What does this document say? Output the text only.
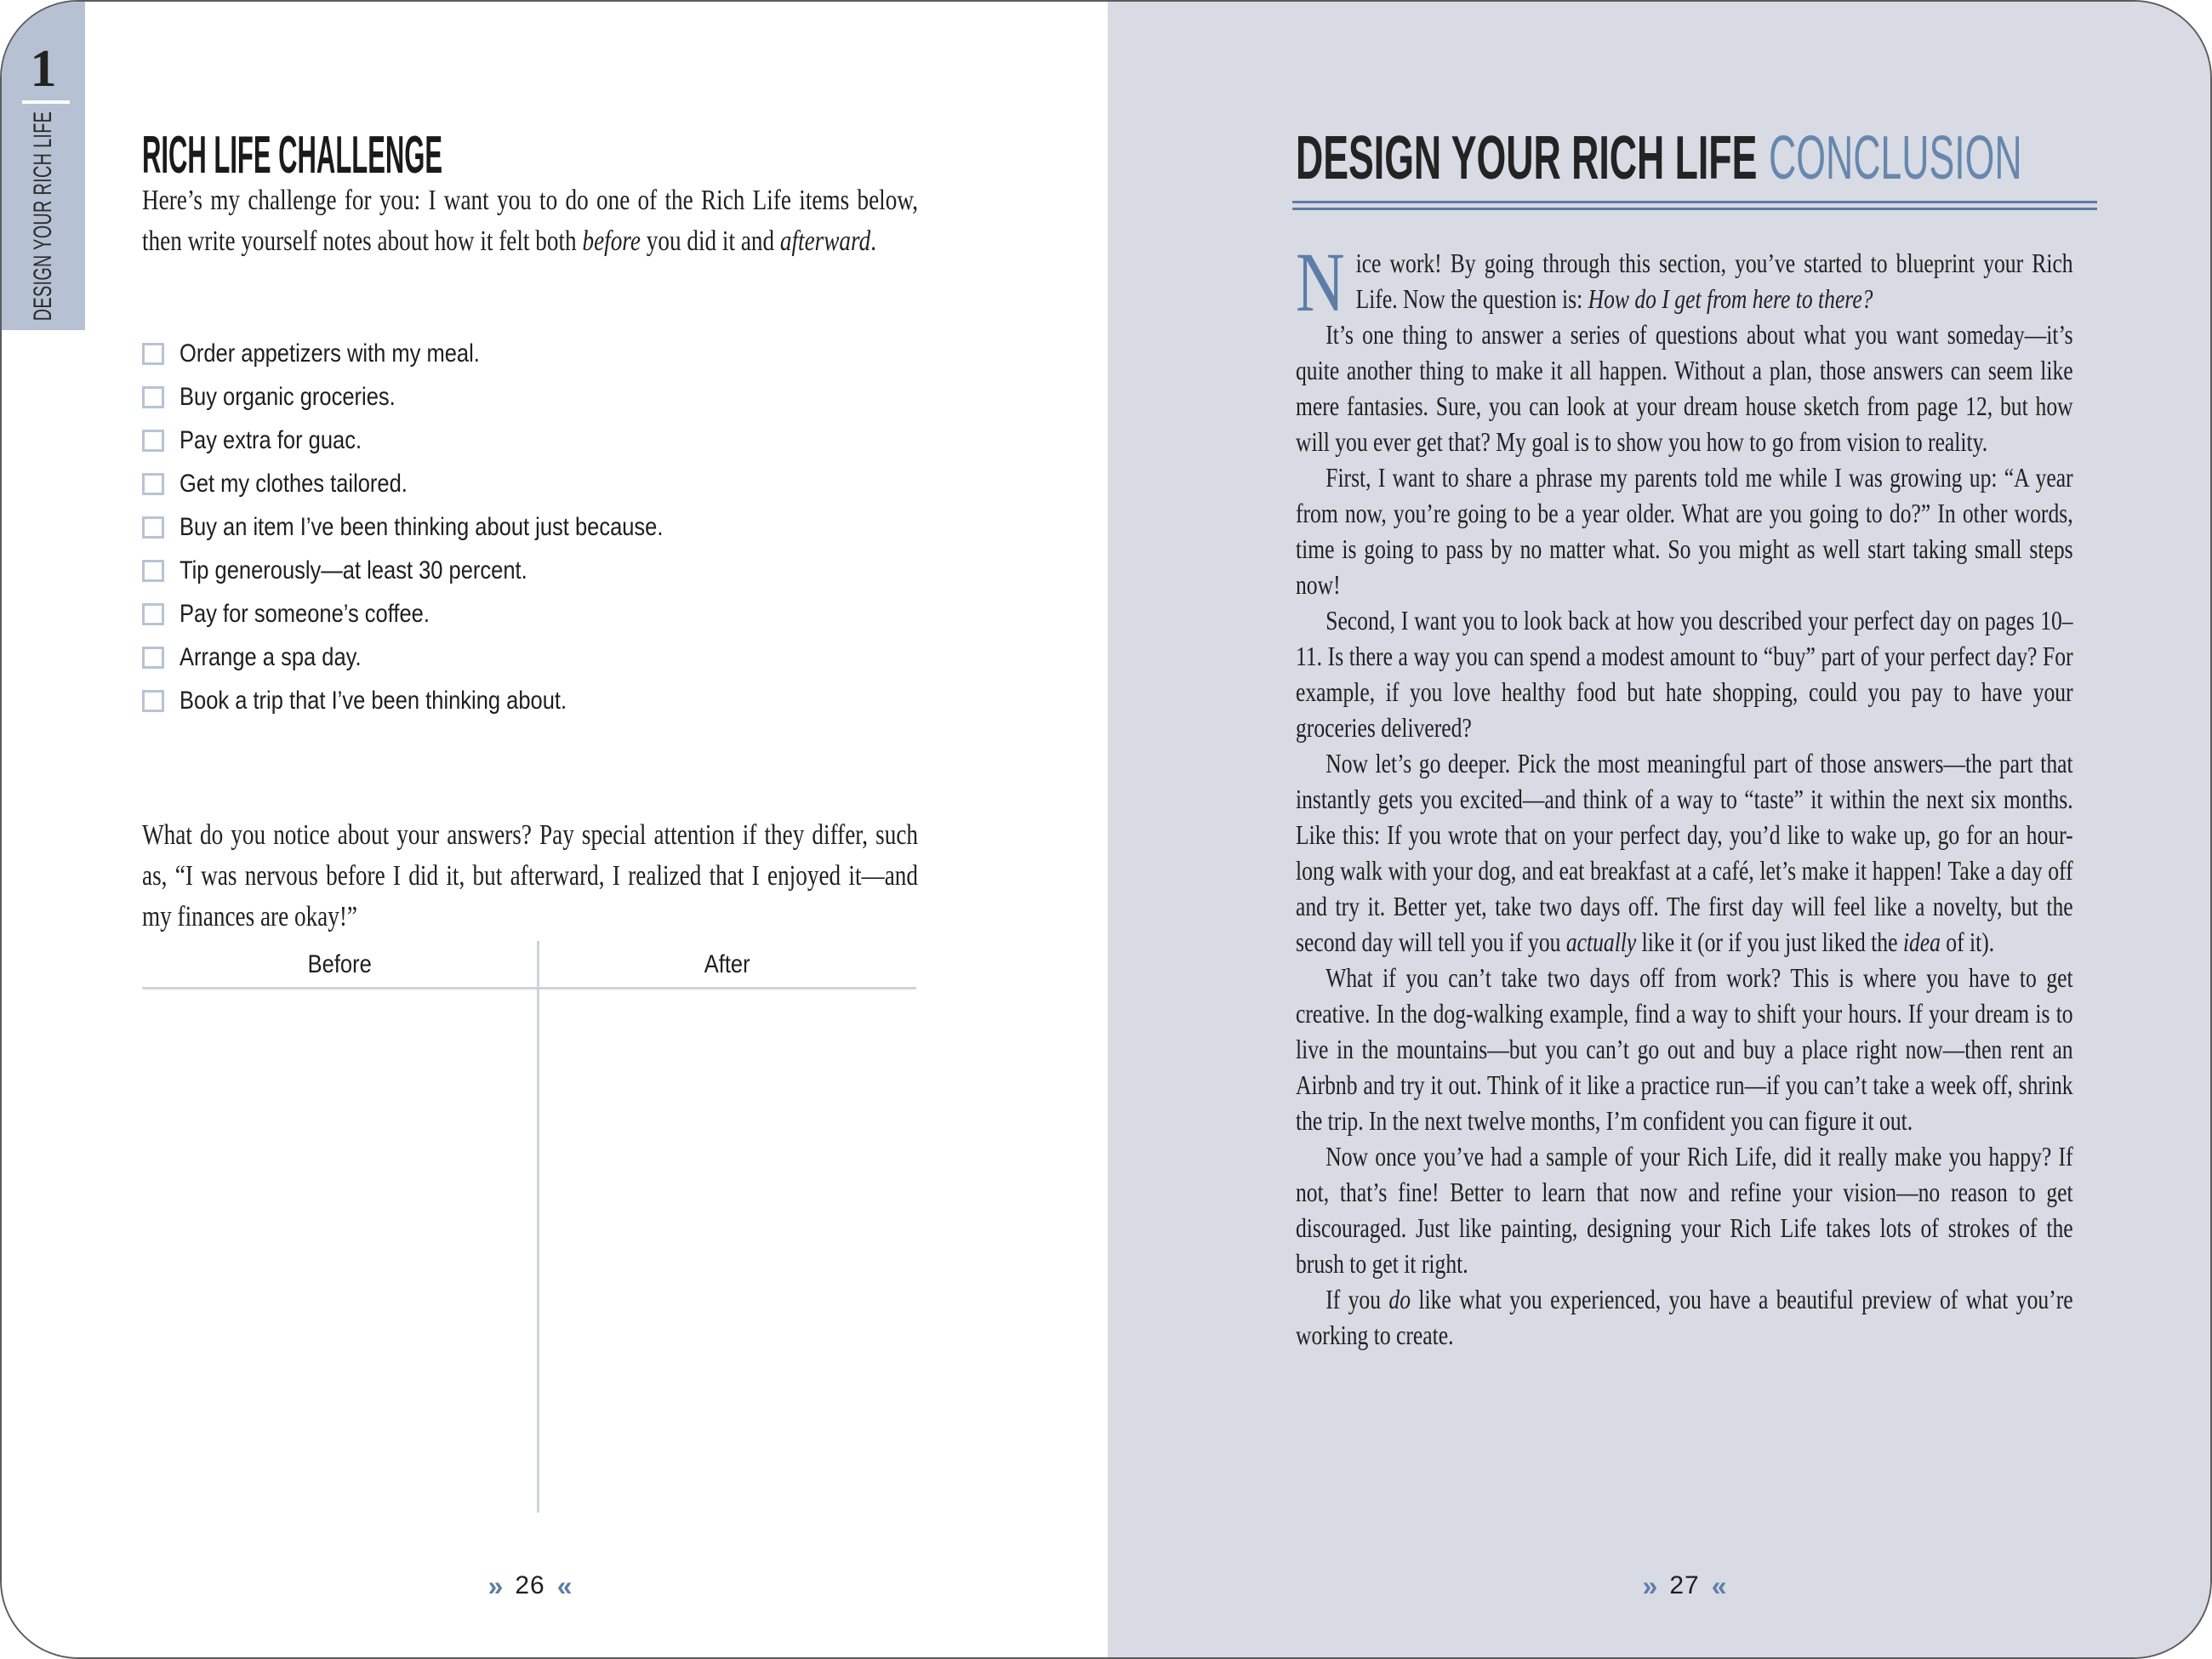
1
DESIGN YOUR RICH LIFE RICH LIFE CHALLENGE

Here’s my challenge for you: I want you to do one of the Rich Life items below, then write yourself notes about how it felt both before you did it and afterward.

Order appetizers with my meal.
Buy organic groceries.
Pay extra for guac.
Get my clothes tailored.
Buy an item I’ve been thinking about just because.
Tip generously—at least 30 percent.
Pay for someone’s coffee.
Arrange a spa day.
Book a trip that I’ve been thinking about.

What do you notice about your answers? Pay special attention if they differ, such as, “I was nervous before I did it, but afterward, I realized that I enjoyed it—and my finances are okay!”

Before	After
» 26 «
DESIGN YOUR RICH LIFE CONCLUSION

Nice work! By going through this section, you’ve started to blueprint your Rich Life. Now the question is: How do I get from here to there?

It’s one thing to answer a series of questions about what you want someday—it’s quite another thing to make it all happen. Without a plan, those answers can seem like mere fantasies. Sure, you can look at your dream house sketch from page 12, but how will you ever get that? My goal is to show you how to go from vision to reality.

First, I want to share a phrase my parents told me while I was growing up: “A year from now, you’re going to be a year older. What are you going to do?” In other words, time is going to pass by no matter what. So you might as well start taking small steps now!

Second, I want you to look back at how you described your perfect day on pages 10–11. Is there a way you can spend a modest amount to “buy” part of your perfect day? For example, if you love healthy food but hate shopping, could you pay to have your groceries delivered?

Now let’s go deeper. Pick the most meaningful part of those answers—the part that instantly gets you excited—and think of a way to “taste” it within the next six months. Like this: If you wrote that on your perfect day, you’d like to wake up, go for an hour-long walk with your dog, and eat breakfast at a café, let’s make it happen! Take a day off and try it. Better yet, take two days off. The first day will feel like a novelty, but the second day will tell you if you actually like it (or if you just liked the idea of it).

What if you can’t take two days off from work? This is where you have to get creative. In the dog-walking example, find a way to shift your hours. If your dream is to live in the mountains—but you can’t go out and buy a place right now—then rent an Airbnb and try it out. Think of it like a practice run—if you can’t take a week off, shrink the trip. In the next twelve months, I’m confident you can figure it out.

Now once you’ve had a sample of your Rich Life, did it really make you happy? If not, that’s fine! Better to learn that now and refine your vision—no reason to get discouraged. Just like painting, designing your Rich Life takes lots of strokes of the brush to get it right.

If you do like what you experienced, you have a beautiful preview of what you’re working to create.

» 27 «
